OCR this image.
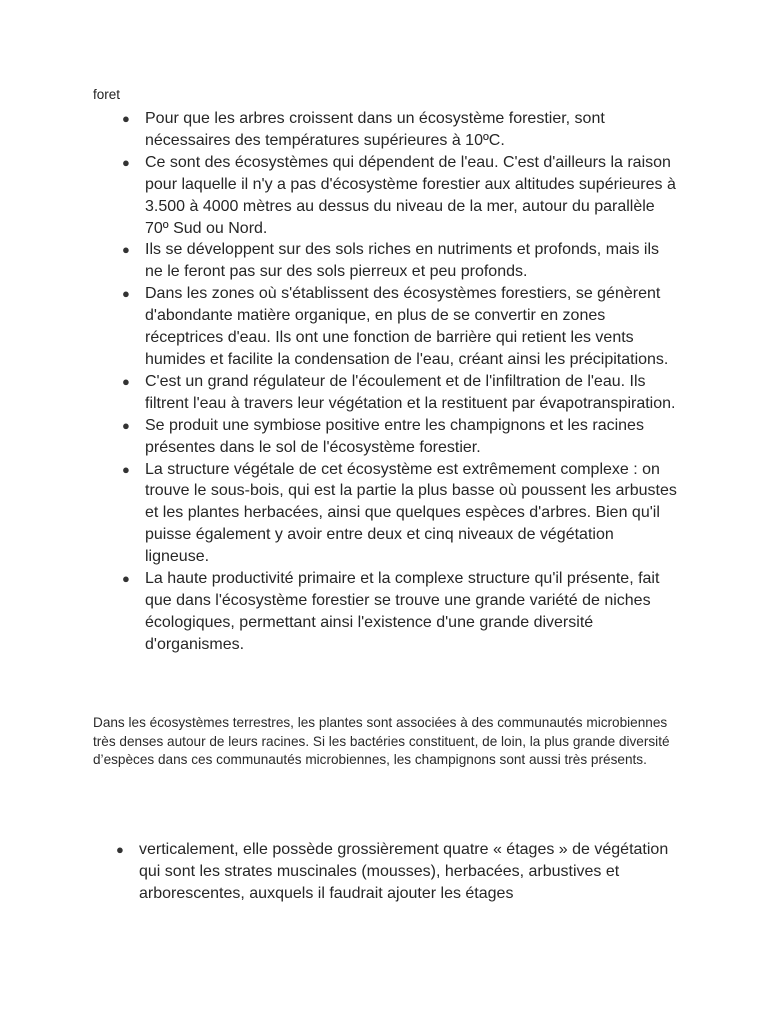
foret
● Pour que les arbres croissent dans un écosystème forestier, sont nécessaires des températures supérieures à 10ºC.
● Ce sont des écosystèmes qui dépendent de l'eau. C'est d'ailleurs la raison pour laquelle il n'y a pas d'écosystème forestier aux altitudes supérieures à 3.500 à 4000 mètres au dessus du niveau de la mer, autour du parallèle 70º Sud ou Nord.
● Ils se développent sur des sols riches en nutriments et profonds, mais ils ne le feront pas sur des sols pierreux et peu profonds.
● Dans les zones où s'établissent des écosystèmes forestiers, se génèrent d'abondante matière organique, en plus de se convertir en zones réceptrices d'eau. Ils ont une fonction de barrière qui retient les vents humides et facilite la condensation de l'eau, créant ainsi les précipitations.
● C'est un grand régulateur de l'écoulement et de l'infiltration de l'eau. Ils filtrent l'eau à travers leur végétation et la restituent par évapotranspiration.
● Se produit une symbiose positive entre les champignons et les racines présentes dans le sol de l'écosystème forestier.
● La structure végétale de cet écosystème est extrêmement complexe : on trouve le sous-bois, qui est la partie la plus basse où poussent les arbustes et les plantes herbacées, ainsi que quelques espèces d'arbres. Bien qu'il puisse également y avoir entre deux et cinq niveaux de végétation ligneuse.
● La haute productivité primaire et la complexe structure qu'il présente, fait que dans l'écosystème forestier se trouve une grande variété de niches écologiques, permettant ainsi l'existence d'une grande diversité d'organismes.

Dans les écosystèmes terrestres, les plantes sont associées à des communautés microbiennes très denses autour de leurs racines. Si les bactéries constituent, de loin, la plus grande diversité d’espèces dans ces communautés microbiennes, les champignons sont aussi très présents.

● verticalement, elle possède grossièrement quatre « étages » de végétation qui sont les strates muscinales (mousses), herbacées, arbustives et arborescentes, auxquels il faudrait ajouter les étages
